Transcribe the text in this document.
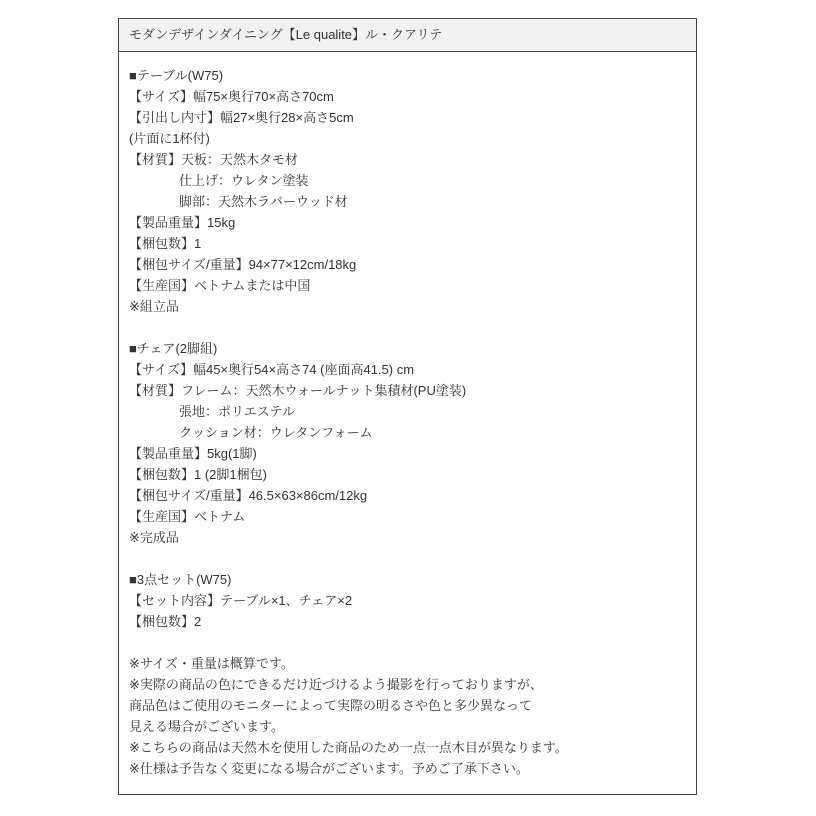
モダンデザインダイニング【Le qualite】ル・クアリテ
■テーブル(W75)
【サイズ】幅75×奥行70×高さ70cm
【引出し内寸】幅27×奥行28×高さ5cm
(片面に1杯付)
【材質】天板：天然木タモ材
仕上げ：ウレタン塗装
脚部：天然木ラバーウッド材
【製品重量】15kg
【梱包数】1
【梱包サイズ/重量】94×77×12cm/18kg
【生産国】ベトナムまたは中国
※組立品
■チェア(2脚組)
【サイズ】幅45×奥行54×高さ74 (座面高41.5) cm
【材質】フレーム：天然木ウォールナット集積材(PU塗装)
張地：ポリエステル
クッション材：ウレタンフォーム
【製品重量】5kg(1脚)
【梱包数】1 (2脚1梱包)
【梱包サイズ/重量】46.5×63×86cm/12kg
【生産国】ベトナム
※完成品
■3点セット(W75)
【セット内容】テーブル×1、チェア×2
【梱包数】2
※サイズ・重量は概算です。
※実際の商品の色にできるだけ近づけるよう撮影を行っておりますが、
商品色はご使用のモニターによって実際の明るさや色と多少異なって
見える場合がございます。
※こちらの商品は天然木を使用した商品のため一点一点木目が異なります。
※仕様は予告なく変更になる場合がございます。予めご了承下さい。
